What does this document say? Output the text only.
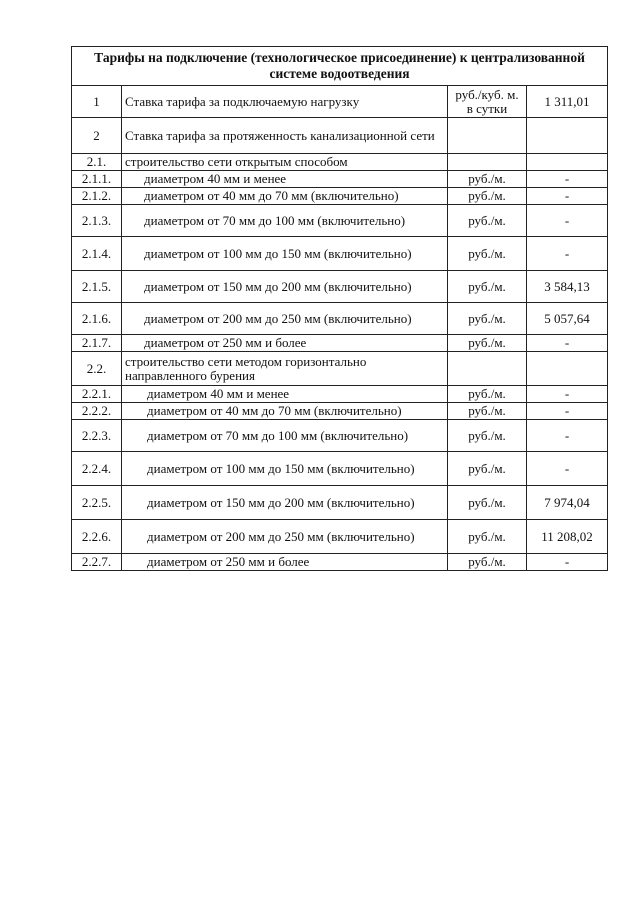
Тарифы на подключение (технологическое присоединение) к централизованной системе водоотведения			
1	Ставка тарифа за подключаемую нагрузку	руб./куб. м. в сутки	1 311,01
2	Ставка тарифа за протяженность канализационной сети		
2.1.	строительство сети открытым способом		
2.1.1.	диаметром 40 мм и менее	руб./м.	-
2.1.2.	диаметром от 40 мм до 70 мм (включительно)	руб./м.	-
2.1.3.	диаметром от 70 мм до 100 мм (включительно)	руб./м.	-
2.1.4.	диаметром от 100 мм до 150 мм (включительно)	руб./м.	-
2.1.5.	диаметром от 150 мм до 200 мм (включительно)	руб./м.	3 584,13
2.1.6.	диаметром от 200 мм до 250 мм (включительно)	руб./м.	5 057,64
2.1.7.	диаметром от 250 мм и более	руб./м.	-
2.2.	строительство сети методом горизонтально направленного бурения		
2.2.1.	диаметром 40 мм и менее	руб./м.	-
2.2.2.	диаметром от 40 мм до 70 мм (включительно)	руб./м.	-
2.2.3.	диаметром от 70 мм до 100 мм (включительно)	руб./м.	-
2.2.4.	диаметром от 100 мм до 150 мм (включительно)	руб./м.	-
2.2.5.	диаметром от 150 мм до 200 мм (включительно)	руб./м.	7 974,04
2.2.6.	диаметром от 200 мм до 250 мм (включительно)	руб./м.	11 208,02
2.2.7.	диаметром от 250 мм и более	руб./м.	-
